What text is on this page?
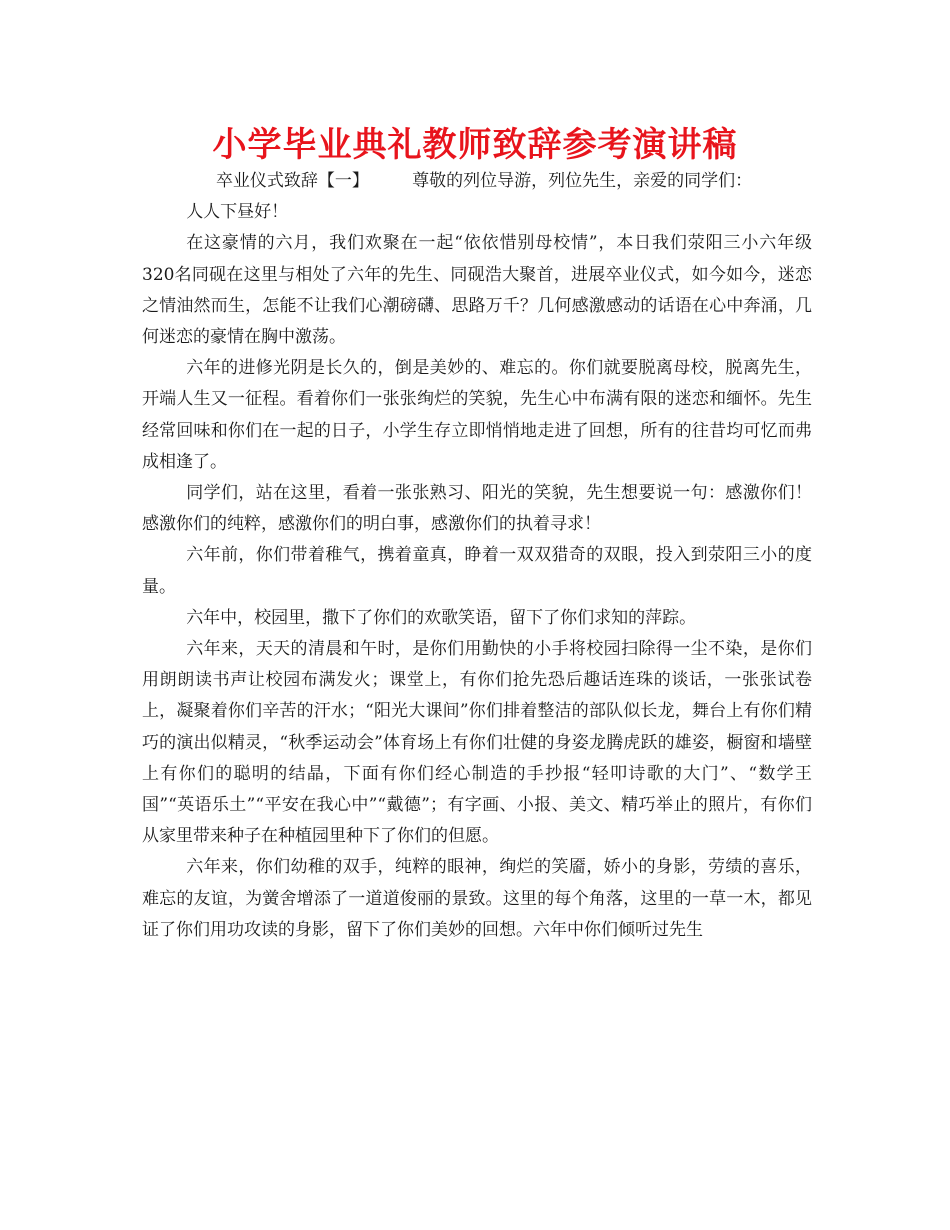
小学毕业典礼教师致辞参考演讲稿

卒业仪式致辞【一】        尊敬的列位导游，列位先生，亲爱的同学们：

人人下昼好！

在这豪情的六月，我们欢聚在一起“依依惜别母校情”，本日我们荥阳三小六年级320名同砚在这里与相处了六年的先生、同砚浩大聚首，进展卒业仪式，如今如今，迷恋之情油然而生，怎能不让我们心潮磅礴、思路万千？几何感激感动的话语在心中奔涌，几何迷恋的豪情在胸中激荡。

六年的进修光阴是长久的，倒是美妙的、难忘的。你们就要脱离母校，脱离先生，开端人生又一征程。看着你们一张张绚烂的笑貌，先生心中布满有限的迷恋和缅怀。先生经常回味和你们在一起的日子，小学生存立即悄悄地走进了回想，所有的往昔均可忆而弗成相逢了。

同学们，站在这里，看着一张张熟习、阳光的笑貌，先生想要说一句：感激你们！感激你们的纯粹，感激你们的明白事，感激你们的执着寻求！

六年前，你们带着稚气，携着童真，睁着一双双猎奇的双眼，投入到荥阳三小的度量。

六年中，校园里，撒下了你们的欢歌笑语，留下了你们求知的萍踪。

六年来，天天的清晨和午时，是你们用勤快的小手将校园扫除得一尘不染，是你们用朗朗读书声让校园布满发火；课堂上，有你们抢先恐后趣话连珠的谈话，一张张试卷上，凝聚着你们辛苦的汗水；“阳光大课间”你们排着整洁的部队似长龙，舞台上有你们精巧的演出似精灵，“秋季运动会”体育场上有你们壮健的身姿龙腾虎跃的雄姿，橱窗和墙壁上有你们的聪明的结晶，下面有你们经心制造的手抄报“轻叩诗歌的大门”、“数学王国”“英语乐土”“平安在我心中”“戴德”；有字画、小报、美文、精巧举止的照片，有你们从家里带来种子在种植园里种下了你们的但愿。

六年来，你们幼稚的双手，纯粹的眼神，绚烂的笑靥，娇小的身影，劳绩的喜乐，难忘的友谊，为黉舍增添了一道道俊丽的景致。这里的每个角落，这里的一草一木，都见证了你们用功攻读的身影，留下了你们美妙的回想。六年中你们倾听过先生
